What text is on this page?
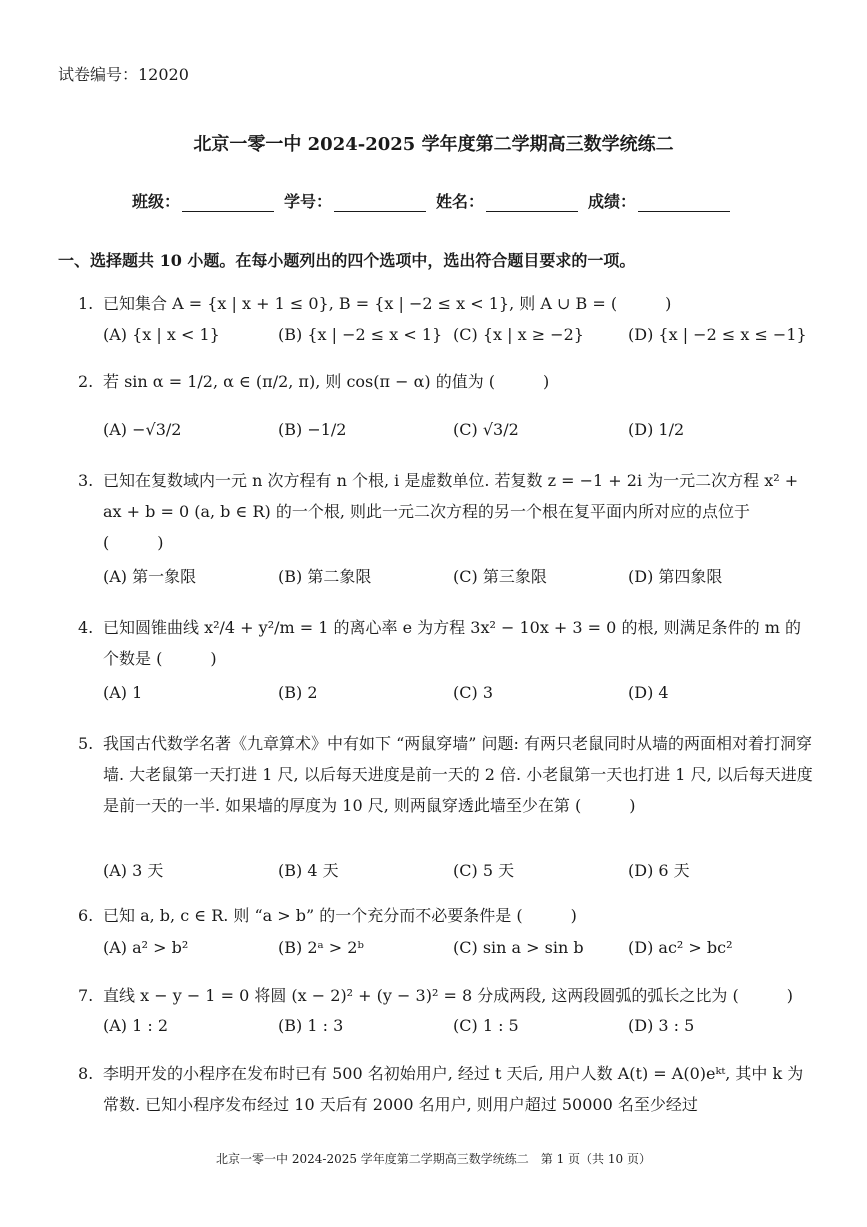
试卷编号：12020
北京一零一中 2024-2025 学年度第二学期高三数学统练二
班级：	学号：	姓名：	成绩：
一、选择题共 10 小题。在每小题列出的四个选项中，选出符合题目要求的一项。
1. 已知集合 A = {x | x + 1 ≤ 0}, B = {x | −2 ≤ x < 1}, 则 A ∪ B = (　　　)
(A) {x | x < 1}	(B) {x | −2 ≤ x < 1} (C) {x | x ≥ −2}	(D) {x | −2 ≤ x ≤ −1}
2. 若 sin α = 1/2, α ∈ (π/2, π), 则 cos(π − α) 的值为 (　　　)
(A) −√3/2	(B) −1/2	(C) √3/2	(D) 1/2
3. 已知在复数域内一元 n 次方程有 n 个根, i 是虚数单位. 若复数 z = −1 + 2i 为一元二次方程 x² + ax + b = 0 (a, b ∈ R) 的一个根, 则此一元二次方程的另一个根在复平面内所对应的点位于 (　　　)
(A) 第一象限	(B) 第二象限	(C) 第三象限	(D) 第四象限
4. 已知圆锥曲线 x²/4 + y²/m = 1 的离心率 e 为方程 3x² − 10x + 3 = 0 的根, 则满足条件的 m 的个数是 (　　　)
(A) 1	(B) 2	(C) 3	(D) 4
5. 我国古代数学名著《九章算术》中有如下 “两鼠穿墙” 问题: 有两只老鼠同时从墙的两面相对着打洞穿墙. 大老鼠第一天打进 1 尺, 以后每天进度是前一天的 2 倍. 小老鼠第一天也打进 1 尺, 以后每天进度是前一天的一半. 如果墙的厚度为 10 尺, 则两鼠穿透此墙至少在第 (　　　)
(A) 3 天	(B) 4 天	(C) 5 天	(D) 6 天
6. 已知 a, b, c ∈ R. 则 “a > b” 的一个充分而不必要条件是 (　　　)
(A) a² > b²	(B) 2ᵃ > 2ᵇ	(C) sin a > sin b	(D) ac² > bc²
7. 直线 x − y − 1 = 0 将圆 (x − 2)² + (y − 3)² = 8 分成两段, 这两段圆弧的弧长之比为 (　　　)
(A) 1 : 2	(B) 1 : 3	(C) 1 : 5	(D) 3 : 5
8. 李明开发的小程序在发布时已有 500 名初始用户, 经过 t 天后, 用户人数 A(t) = A(0)eᵏᵗ, 其中 k 为常数. 已知小程序发布经过 10 天后有 2000 名用户, 则用户超过 50000 名至少经过
北京一零一中 2024-2025 学年度第二学期高三数学统练二　第 1 页（共 10 页）
